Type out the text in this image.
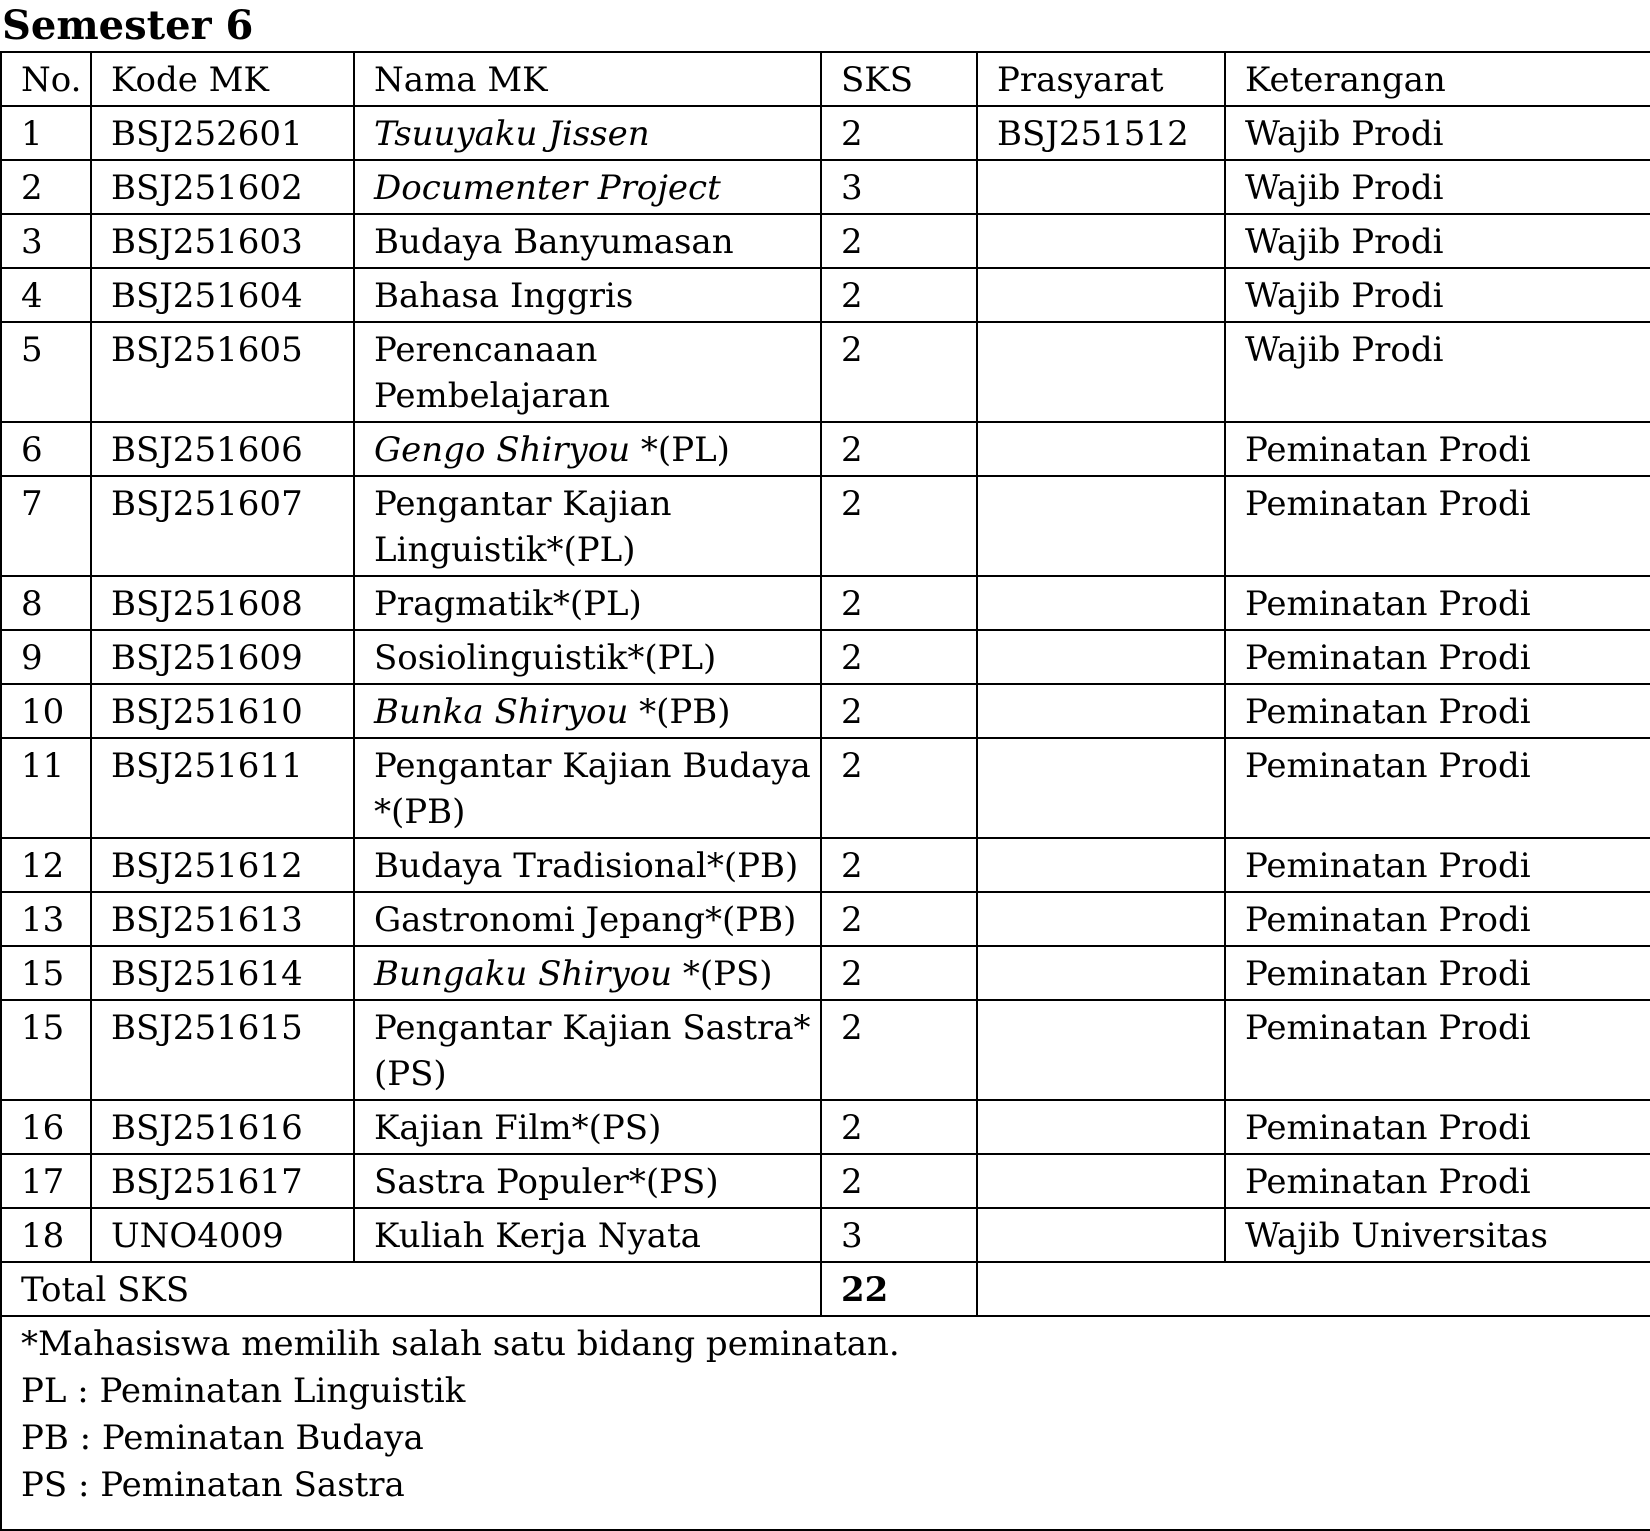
Semester 6
No.	Kode MK	Nama MK	SKS	Prasyarat	Keterangan
1	BSJ252601	Tsuuyaku Jissen	2	BSJ251512	Wajib Prodi
2	BSJ251602	Documenter Project	3		Wajib Prodi
3	BSJ251603	Budaya Banyumasan	2		Wajib Prodi
4	BSJ251604	Bahasa Inggris	2		Wajib Prodi
5	BSJ251605	Perencanaan Pembelajaran	2		Wajib Prodi
6	BSJ251606	Gengo Shiryou *(PL)	2		Peminatan Prodi
7	BSJ251607	Pengantar Kajian Linguistik*(PL)	2		Peminatan Prodi
8	BSJ251608	Pragmatik*(PL)	2		Peminatan Prodi
9	BSJ251609	Sosiolinguistik*(PL)	2		Peminatan Prodi
10	BSJ251610	Bunka Shiryou *(PB)	2		Peminatan Prodi
11	BSJ251611	Pengantar Kajian Budaya *(PB)	2		Peminatan Prodi
12	BSJ251612	Budaya Tradisional*(PB)	2		Peminatan Prodi
13	BSJ251613	Gastronomi Jepang*(PB)	2		Peminatan Prodi
15	BSJ251614	Bungaku Shiryou *(PS)	2		Peminatan Prodi
15	BSJ251615	Pengantar Kajian Sastra*(PS)	2		Peminatan Prodi
16	BSJ251616	Kajian Film*(PS)	2		Peminatan Prodi
17	BSJ251617	Sastra Populer*(PS)	2		Peminatan Prodi
18	UNO4009	Kuliah Kerja Nyata	3		Wajib Universitas
Total SKS			22		

*Mahasiswa memilih salah satu bidang peminatan.
PL : Peminatan Linguistik
PB : Peminatan Budaya
PS : Peminatan Sastra					
